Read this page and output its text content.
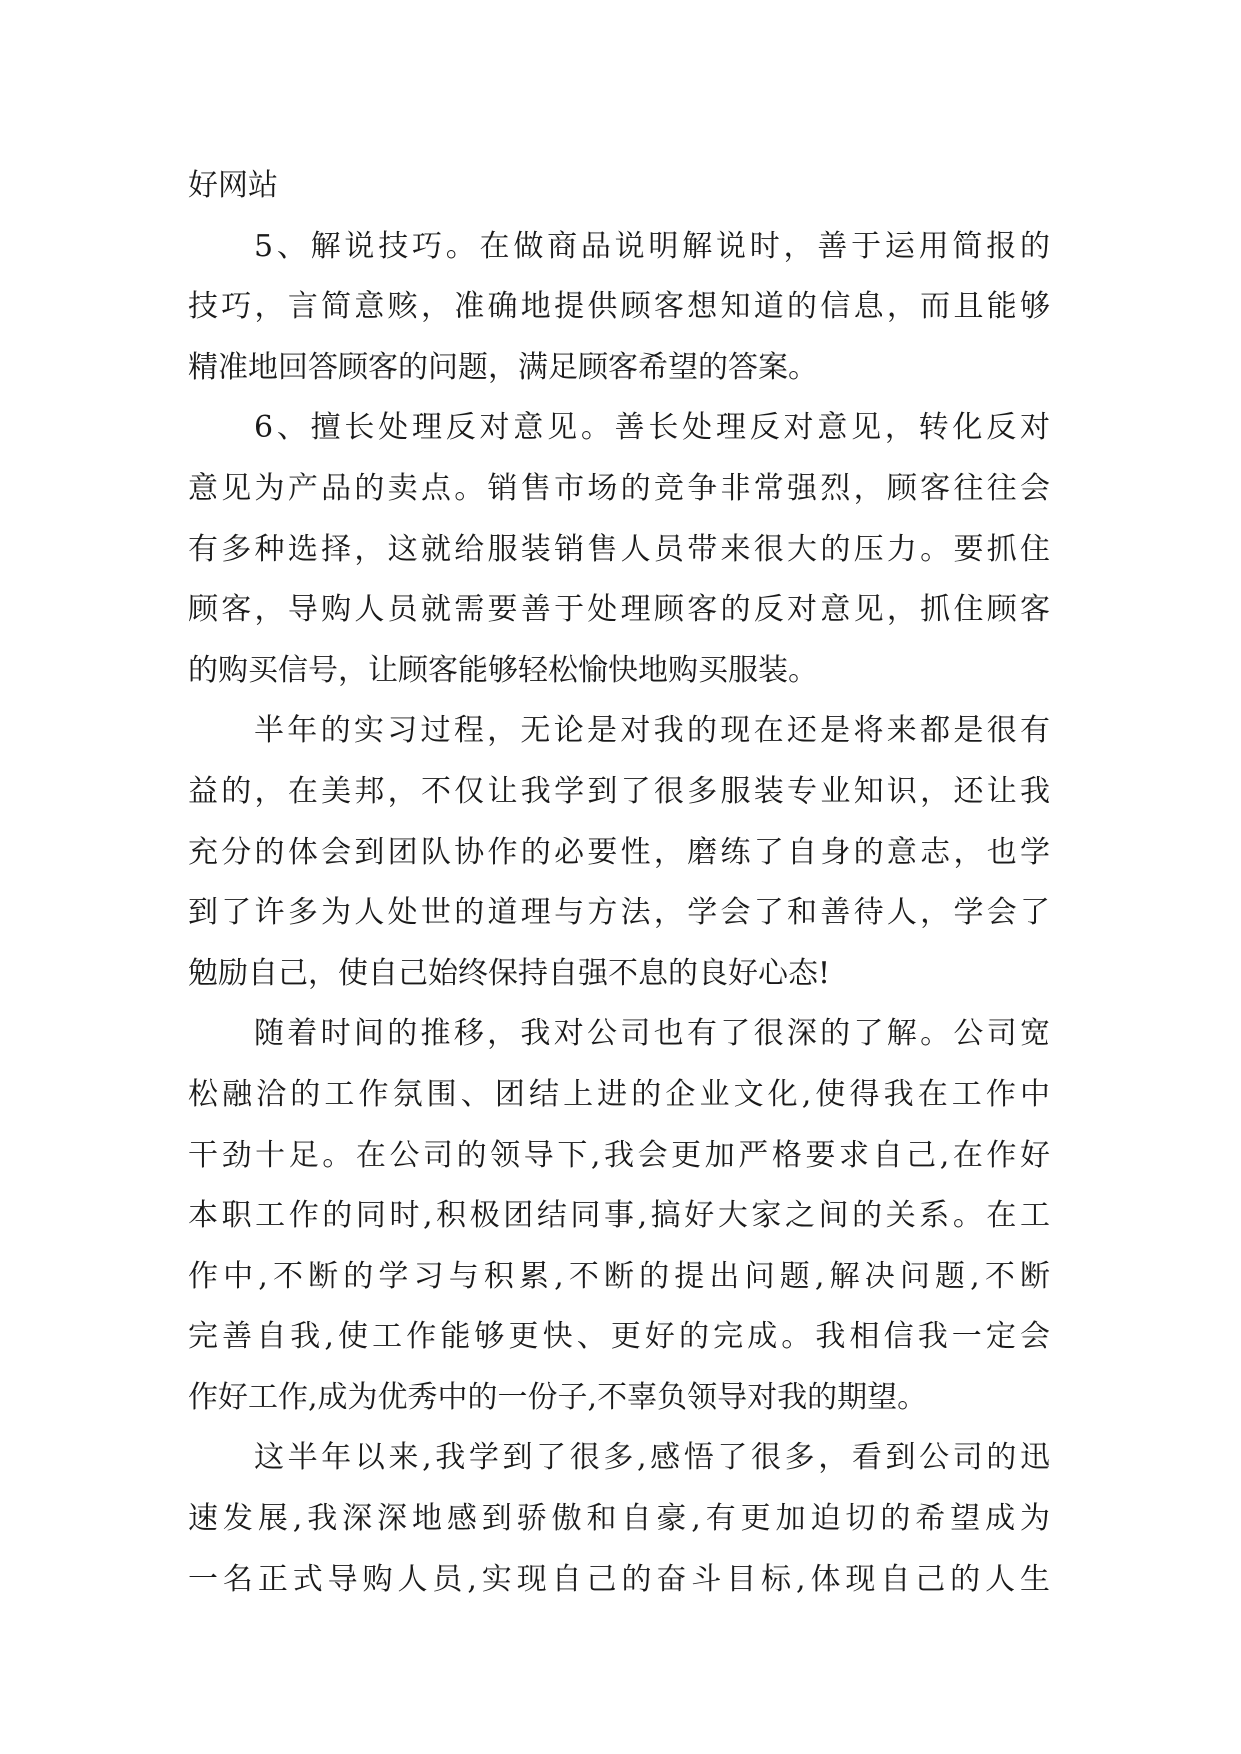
好网站
5、解说技巧。在做商品说明解说时，善于运用简报的
技巧，言简意赅，准确地提供顾客想知道的信息，而且能够
精准地回答顾客的问题，满足顾客希望的答案。
6、擅长处理反对意见。善长处理反对意见，转化反对
意见为产品的卖点。销售市场的竞争非常强烈，顾客往往会
有多种选择，这就给服装销售人员带来很大的压力。要抓住
顾客，导购人员就需要善于处理顾客的反对意见，抓住顾客
的购买信号，让顾客能够轻松愉快地购买服装。
半年的实习过程，无论是对我的现在还是将来都是很有
益的，在美邦，不仅让我学到了很多服装专业知识，还让我
充分的体会到团队协作的必要性，磨练了自身的意志，也学
到了许多为人处世的道理与方法，学会了和善待人，学会了
勉励自己，使自己始终保持自强不息的良好心态!
随着时间的推移，我对公司也有了很深的了解。公司宽
松融洽的工作氛围、团结上进的企业文化,使得我在工作中
干劲十足。在公司的领导下,我会更加严格要求自己,在作好
本职工作的同时,积极团结同事,搞好大家之间的关系。在工
作中,不断的学习与积累,不断的提出问题,解决问题,不断
完善自我,使工作能够更快、更好的完成。我相信我一定会
作好工作,成为优秀中的一份子,不辜负领导对我的期望。
这半年以来,我学到了很多,感悟了很多，看到公司的迅
速发展,我深深地感到骄傲和自豪,有更加迫切的希望成为
一名正式导购人员,实现自己的奋斗目标,体现自己的人生
